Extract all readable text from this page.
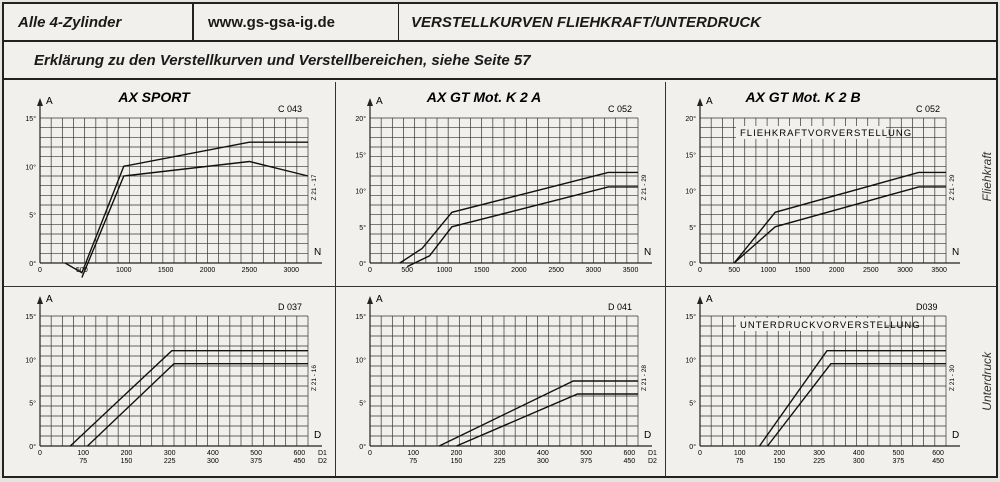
Alle 4-Zylinder	www.gs-gsa-ig.de	VERSTELLKURVEN FLIEHKRAFT/UNTERDRUCK
Erklärung zu den Verstellkurven und Verstellbereichen, siehe Seite 57
AX SPORT
C 043
A
N
0°
5°
10°
15°
0	500	1000	1500	2000	2500	3000
Z 21 - 17
AX GT Mot. K 2 A
C 052
A
N
0°
5°
10°
15°
20°
0	500	1000	1500	2000	2500	3000	3500
Z 21 - 29
AX GT Mot. K 2 B
C 052
FLIEHKRAFTVORVERSTELLUNG
A
N
0°
5°
10°
15°
20°
0	500	1000	1500	2000	2500	3000	3500
Z 21 - 29
D 037
A
D
0°
5°
10°
15°
0	100
75
200
150
300
225
400
300
500
375
600
450
D1
D2
Z 21 - 16
D 041
A
D
0°
5°
10°
15°
0	100
75
200
150
300
225
400
300
500
375
600
450
D1
D2
Z 21 - 28
D039
UNTERDRUCKVORVERSTELLUNG
A
D
0°
5°
10°
15°
0	100
75
200
150
300
225
400
300
500
375
600
450
Z 21 - 30
Fliehkraft
Unterdruck
